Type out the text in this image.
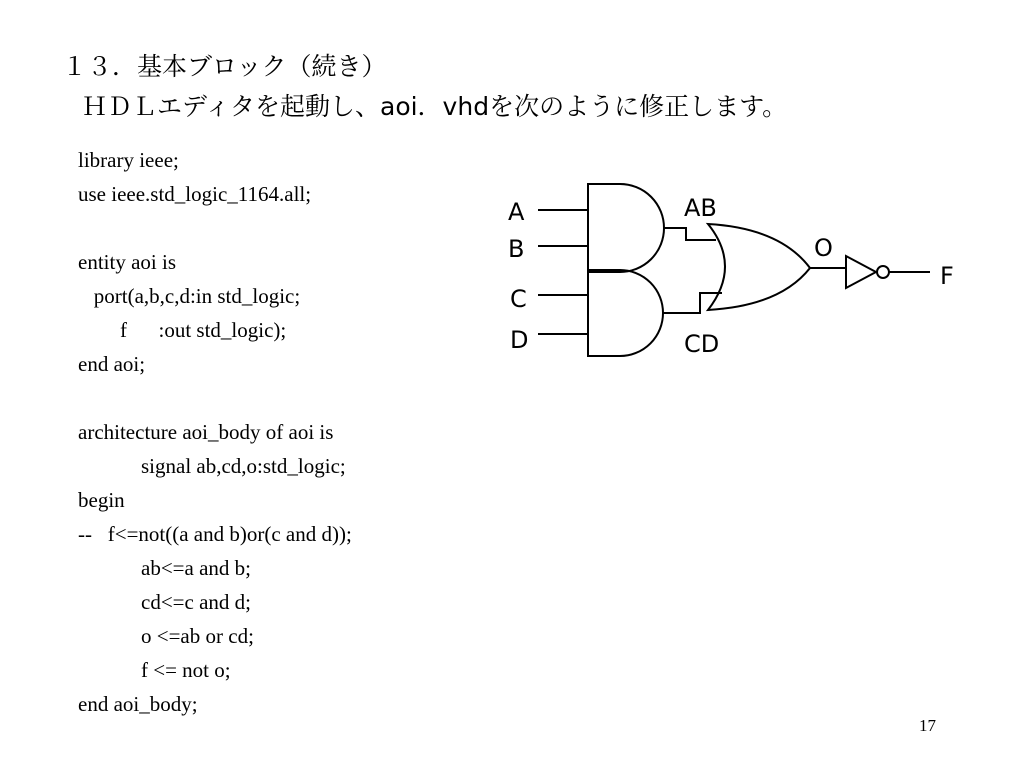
１３．基本ブロック（続き）
ＨＤＬエディタを起動し、aoi．vhdを次のように修正します。
library ieee;
use ieee.std_logic_1164.all;
entity aoi is
port(a,b,c,d:in std_logic;
f      :out std_logic);
end aoi;
architecture aoi_body of aoi is
signal ab,cd,o:std_logic;
begin
--   f<=not((a and b)or(c and d));
ab<=a and b;
cd<=c and d;
o <=ab or cd;
f <= not o;
end aoi_body;
A
B
C
D
AB
CD
O
F
17
